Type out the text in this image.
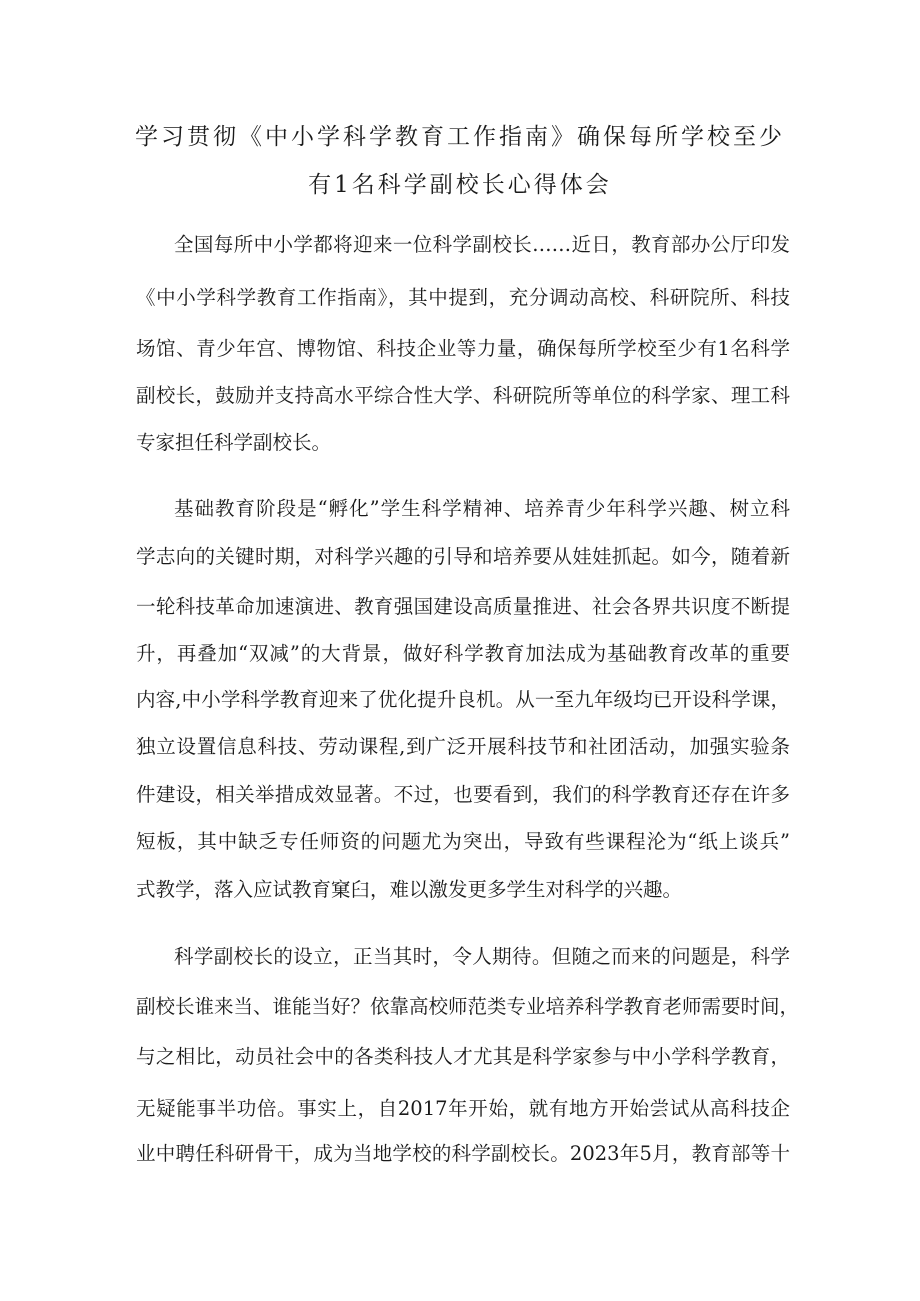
学习贯彻《中小学科学教育工作指南》确保每所学校至少
有1名科学副校长心得体会
全国每所中小学都将迎来一位科学副校长……近日，教育部办公厅印发
《中小学科学教育工作指南》，其中提到，充分调动高校、科研院所、科技
场馆、青少年宫、博物馆、科技企业等力量，确保每所学校至少有1名科学
副校长，鼓励并支持高水平综合性大学、科研院所等单位的科学家、理工科
专家担任科学副校长。
基础教育阶段是“孵化”学生科学精神、培养青少年科学兴趣、树立科
学志向的关键时期，对科学兴趣的引导和培养要从娃娃抓起。如今，随着新
一轮科技革命加速演进、教育强国建设高质量推进、社会各界共识度不断提
升，再叠加“双减”的大背景，做好科学教育加法成为基础教育改革的重要
内容,中小学科学教育迎来了优化提升良机。从一至九年级均已开设科学课，
独立设置信息科技、劳动课程,到广泛开展科技节和社团活动，加强实验条
件建设，相关举措成效显著。不过，也要看到，我们的科学教育还存在许多
短板，其中缺乏专任师资的问题尤为突出，导致有些课程沦为“纸上谈兵”
式教学，落入应试教育窠臼，难以激发更多学生对科学的兴趣。
科学副校长的设立，正当其时，令人期待。但随之而来的问题是，科学
副校长谁来当、谁能当好？依靠高校师范类专业培养科学教育老师需要时间，
与之相比，动员社会中的各类科技人才尤其是科学家参与中小学科学教育，
无疑能事半功倍。事实上，自2017年开始，就有地方开始尝试从高科技企
业中聘任科研骨干，成为当地学校的科学副校长。2023年5月，教育部等十
